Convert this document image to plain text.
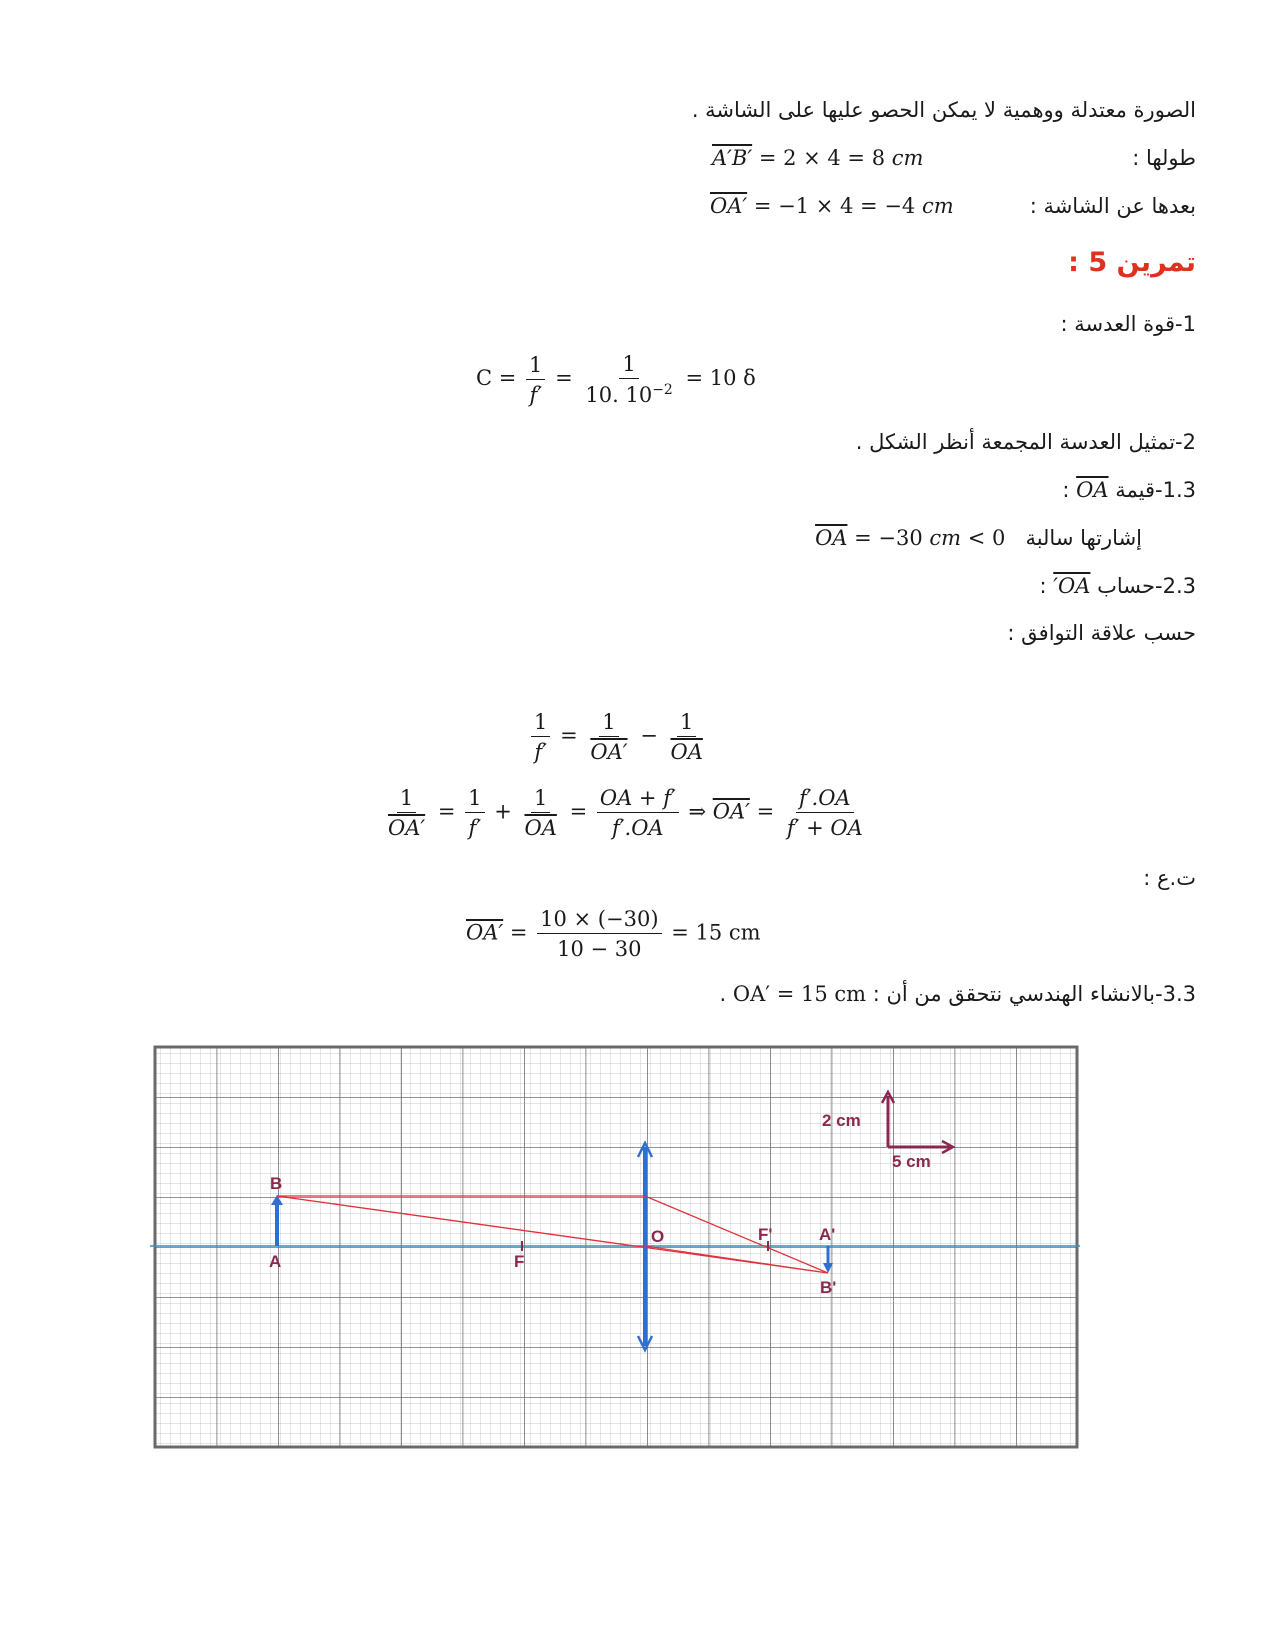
الصورة معتدلة ووهمية لا يمكن الحصو عليها على الشاشة .
طولها :
A′B′ = 2 × 4 = 8 cm
بعدها عن الشاشة :
OA′ = −1 × 4 = −4 cm
تمرين 5 :
1-قوة العدسة :
$C = \frac{1}{f'} = \frac{1}{10. 10^{-2}} = 10$ δ
2-تمثيل العدسة المجمعة أنظر الشكل .
1.3-قيمة OA :
إشارتها سالبة   $\overline{OA} = -30$ cm < 0
2.3-حساب OA′ :
حسب علاقة التوافق :
$\frac{1}{f'} = \frac{1}{OA'} - \frac{1}{OA}$
$\frac{1}{OA'} = \frac{1}{f'} + \frac{1}{OA} = \frac{OA + f'}{f'.OA}$ ⇒ $OA' = \frac{f'.OA}{f' + OA}$
ت.ع :
$OA' = \frac{10 \times (-30)}{10 - 30} = 15$ cm
3.3-بالانشاء الهندسي نتحقق من أن : OA′ = 15 cm .
B
A	F
O	F'	A'
B'
2 cm
5 cm
